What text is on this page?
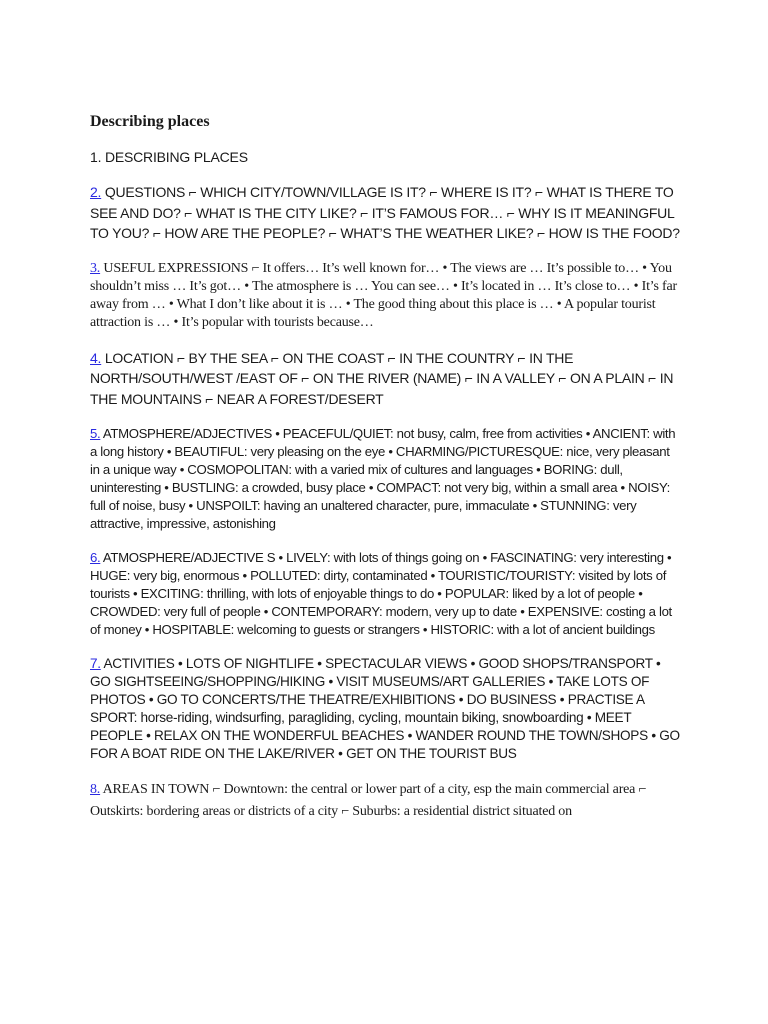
Describing places
1. DESCRIBING PLACES
2. QUESTIONS ⌐ WHICH CITY/TOWN/VILLAGE IS IT? ⌐ WHERE IS IT? ⌐ WHAT IS THERE TO SEE AND DO? ⌐ WHAT IS THE CITY LIKE? ⌐ IT’S FAMOUS FOR… ⌐ WHY IS IT MEANINGFUL TO YOU? ⌐ HOW ARE THE PEOPLE? ⌐ WHAT’S THE WEATHER LIKE? ⌐ HOW IS THE FOOD?
3. USEFUL EXPRESSIONS ⌐ It offers… It’s well known for… • The views are … It’s possible to… • You shouldn’t miss … It’s got… • The atmosphere is … You can see… • It’s located in … It’s close to… • It’s far away from … • What I don’t like about it is … • The good thing about this place is … • A popular tourist attraction is … • It’s popular with tourists because…
4. LOCATION ⌐ BY THE SEA ⌐ ON THE COAST ⌐ IN THE COUNTRY ⌐ IN THE NORTH/SOUTH/WEST /EAST OF ⌐ ON THE RIVER (NAME) ⌐ IN A VALLEY ⌐ ON A PLAIN ⌐ IN THE MOUNTAINS ⌐ NEAR A FOREST/DESERT
5. ATMOSPHERE/ADJECTIVES • PEACEFUL/QUIET: not busy, calm, free from activities • ANCIENT: with a long history • BEAUTIFUL: very pleasing on the eye • CHARMING/PICTURESQUE: nice, very pleasant in a unique way • COSMOPOLITAN: with a varied mix of cultures and languages • BORING: dull, uninteresting • BUSTLING: a crowded, busy place • COMPACT: not very big, within a small area • NOISY: full of noise, busy • UNSPOILT: having an unaltered character, pure, immaculate • STUNNING: very attractive, impressive, astonishing
6. ATMOSPHERE/ADJECTIVE S • LIVELY: with lots of things going on • FASCINATING: very interesting • HUGE: very big, enormous • POLLUTED: dirty, contaminated • TOURISTIC/TOURISTY: visited by lots of tourists • EXCITING: thrilling, with lots of enjoyable things to do • POPULAR: liked by a lot of people • CROWDED: very full of people • CONTEMPORARY: modern, very up to date • EXPENSIVE: costing a lot of money • HOSPITABLE: welcoming to guests or strangers • HISTORIC: with a lot of ancient buildings
7. ACTIVITIES • LOTS OF NIGHTLIFE • SPECTACULAR VIEWS • GOOD SHOPS/TRANSPORT • GO SIGHTSEEING/SHOPPING/HIKING • VISIT MUSEUMS/ART GALLERIES • TAKE LOTS OF PHOTOS • GO TO CONCERTS/THE THEATRE/EXHIBITIONS • DO BUSINESS • PRACTISE A SPORT: horse-riding, windsurfing, paragliding, cycling, mountain biking, snowboarding • MEET PEOPLE • RELAX ON THE WONDERFUL BEACHES • WANDER ROUND THE TOWN/SHOPS • GO FOR A BOAT RIDE ON THE LAKE/RIVER • GET ON THE TOURIST BUS
8. AREAS IN TOWN ⌐ Downtown: the central or lower part of a city, esp the main commercial area ⌐ Outskirts: bordering areas or districts of a city ⌐ Suburbs: a residential district situated on
